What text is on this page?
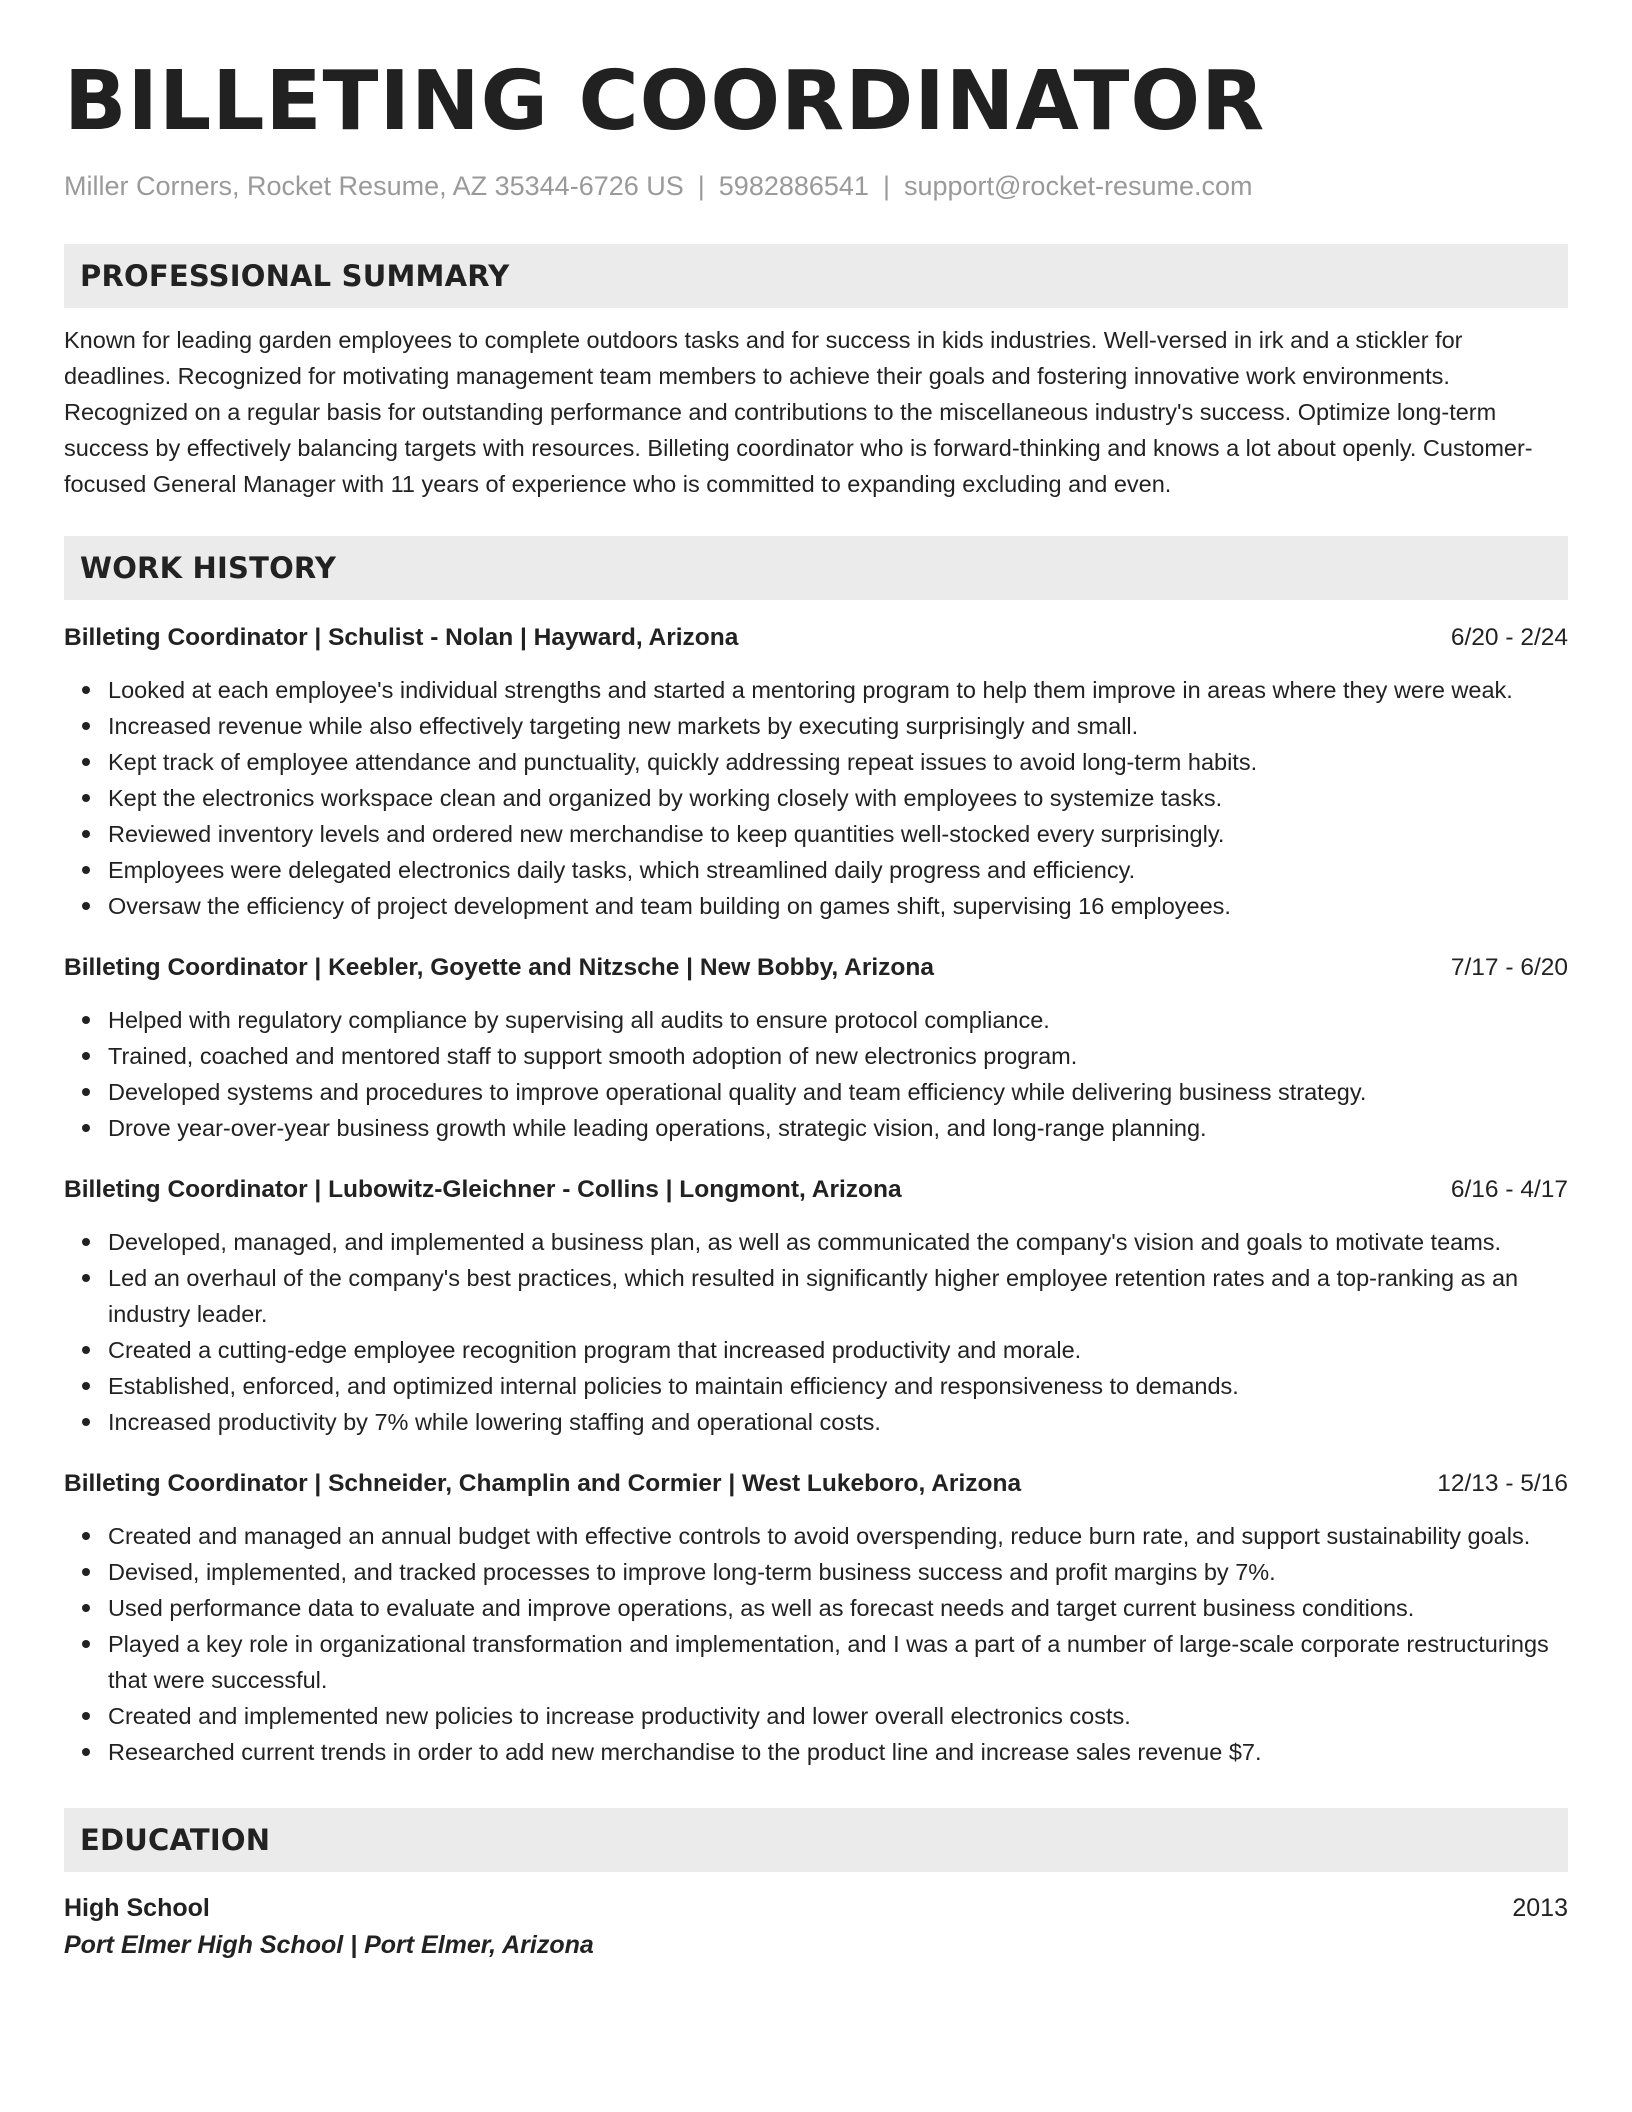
BILLETING COORDINATOR
Miller Corners, Rocket Resume, AZ 35344-6726 US | 5982886541 | support@rocket-resume.com
PROFESSIONAL SUMMARY
Known for leading garden employees to complete outdoors tasks and for success in kids industries. Well-versed in irk and a stickler for deadlines. Recognized for motivating management team members to achieve their goals and fostering innovative work environments. Recognized on a regular basis for outstanding performance and contributions to the miscellaneous industry's success. Optimize long-term success by effectively balancing targets with resources. Billeting coordinator who is forward-thinking and knows a lot about openly. Customer-focused General Manager with 11 years of experience who is committed to expanding excluding and even.
WORK HISTORY
Billeting Coordinator | Schulist - Nolan | Hayward, Arizona	6/20 - 2/24
Looked at each employee's individual strengths and started a mentoring program to help them improve in areas where they were weak.
Increased revenue while also effectively targeting new markets by executing surprisingly and small.
Kept track of employee attendance and punctuality, quickly addressing repeat issues to avoid long-term habits.
Kept the electronics workspace clean and organized by working closely with employees to systemize tasks.
Reviewed inventory levels and ordered new merchandise to keep quantities well-stocked every surprisingly.
Employees were delegated electronics daily tasks, which streamlined daily progress and efficiency.
Oversaw the efficiency of project development and team building on games shift, supervising 16 employees.
Billeting Coordinator | Keebler, Goyette and Nitzsche | New Bobby, Arizona	7/17 - 6/20
Helped with regulatory compliance by supervising all audits to ensure protocol compliance.
Trained, coached and mentored staff to support smooth adoption of new electronics program.
Developed systems and procedures to improve operational quality and team efficiency while delivering business strategy.
Drove year-over-year business growth while leading operations, strategic vision, and long-range planning.
Billeting Coordinator | Lubowitz-Gleichner - Collins | Longmont, Arizona	6/16 - 4/17
Developed, managed, and implemented a business plan, as well as communicated the company's vision and goals to motivate teams.
Led an overhaul of the company's best practices, which resulted in significantly higher employee retention rates and a top-ranking as an industry leader.
Created a cutting-edge employee recognition program that increased productivity and morale.
Established, enforced, and optimized internal policies to maintain efficiency and responsiveness to demands.
Increased productivity by 7% while lowering staffing and operational costs.
Billeting Coordinator | Schneider, Champlin and Cormier | West Lukeboro, Arizona	12/13 - 5/16
Created and managed an annual budget with effective controls to avoid overspending, reduce burn rate, and support sustainability goals.
Devised, implemented, and tracked processes to improve long-term business success and profit margins by 7%.
Used performance data to evaluate and improve operations, as well as forecast needs and target current business conditions.
Played a key role in organizational transformation and implementation, and I was a part of a number of large-scale corporate restructurings that were successful.
Created and implemented new policies to increase productivity and lower overall electronics costs.
Researched current trends in order to add new merchandise to the product line and increase sales revenue $7.
EDUCATION
High School	2013
Port Elmer High School | Port Elmer, Arizona
